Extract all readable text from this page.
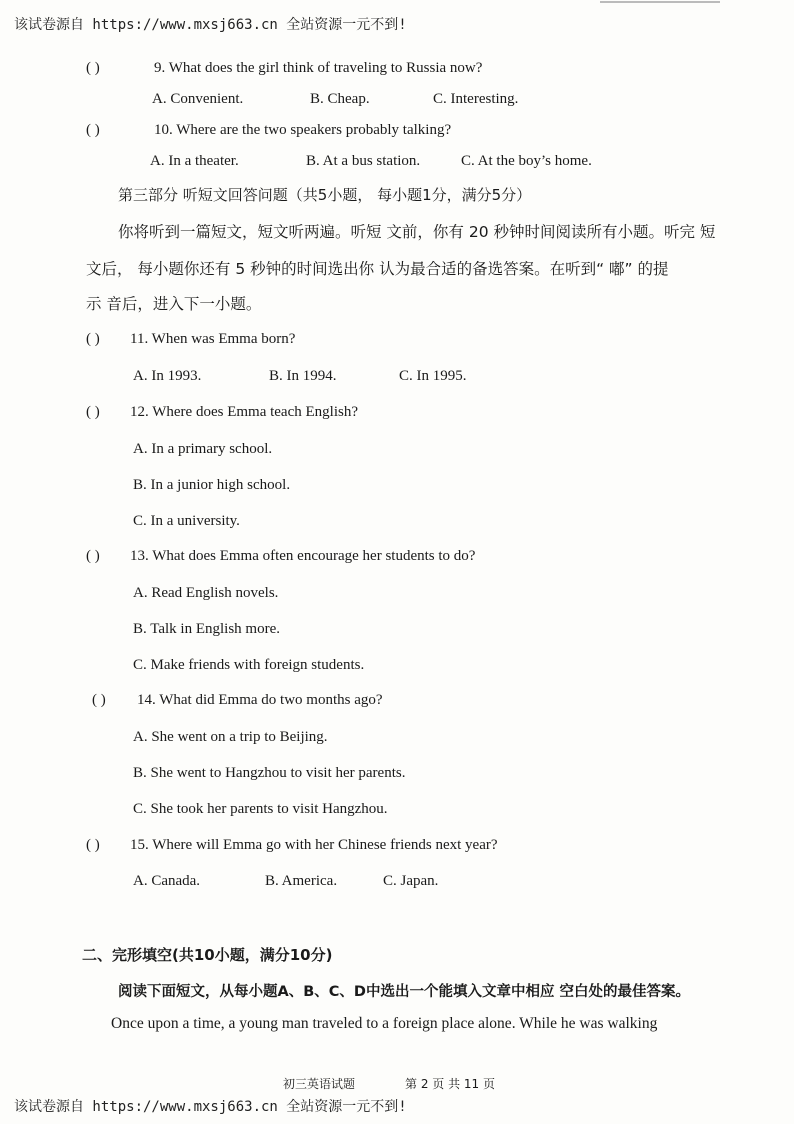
该试卷源自 https://www.mxsj663.cn 全站资源一元不到!
( )	9. What does the girl think of traveling to Russia now?
A. Convenient.	B. Cheap.	C. Interesting.
( )	10. Where are the two speakers probably talking?
A. In a theater.	B. At a bus station.	C. At the boy’s home.
第三部分 听短文回答问题（共5小题， 每小题1分，满分5分）
你将听到一篇短文，短文听两遍。听短 文前，你有 20 秒钟时间阅读所有小题。听完 短
文后， 每小题你还有 5 秒钟的时间选出你 认为最合适的备选答案。在听到“ 嘟” 的提
示 音后，进入下一小题。
( ) 11. When was Emma born?
A. In 1993.	B. In 1994.	C. In 1995.
( ) 12. Where does Emma teach English?
A. In a primary school.
B. In a junior high school.
C. In a university.
( ) 13. What does Emma often encourage her students to do?
A. Read English novels.
B. Talk in English more.
C. Make friends with foreign students.
( ) 14. What did Emma do two months ago?
A. She went on a trip to Beijing.
B. She went to Hangzhou to visit her parents.
C. She took her parents to visit Hangzhou.
( ) 15. Where will Emma go with her Chinese friends next year?
A. Canada.	B. America.	C. Japan.
二、完形填空(共10小题，满分10分)
阅读下面短文，从每小题A、B、C、D中选出一个能填入文章中相应 空白处的最佳答案。
Once upon a time, a young man traveled to a foreign place alone. While he was walking
初三英语试题	第 2 页 共 11 页
该试卷源自 https://www.mxsj663.cn 全站资源一元不到!
